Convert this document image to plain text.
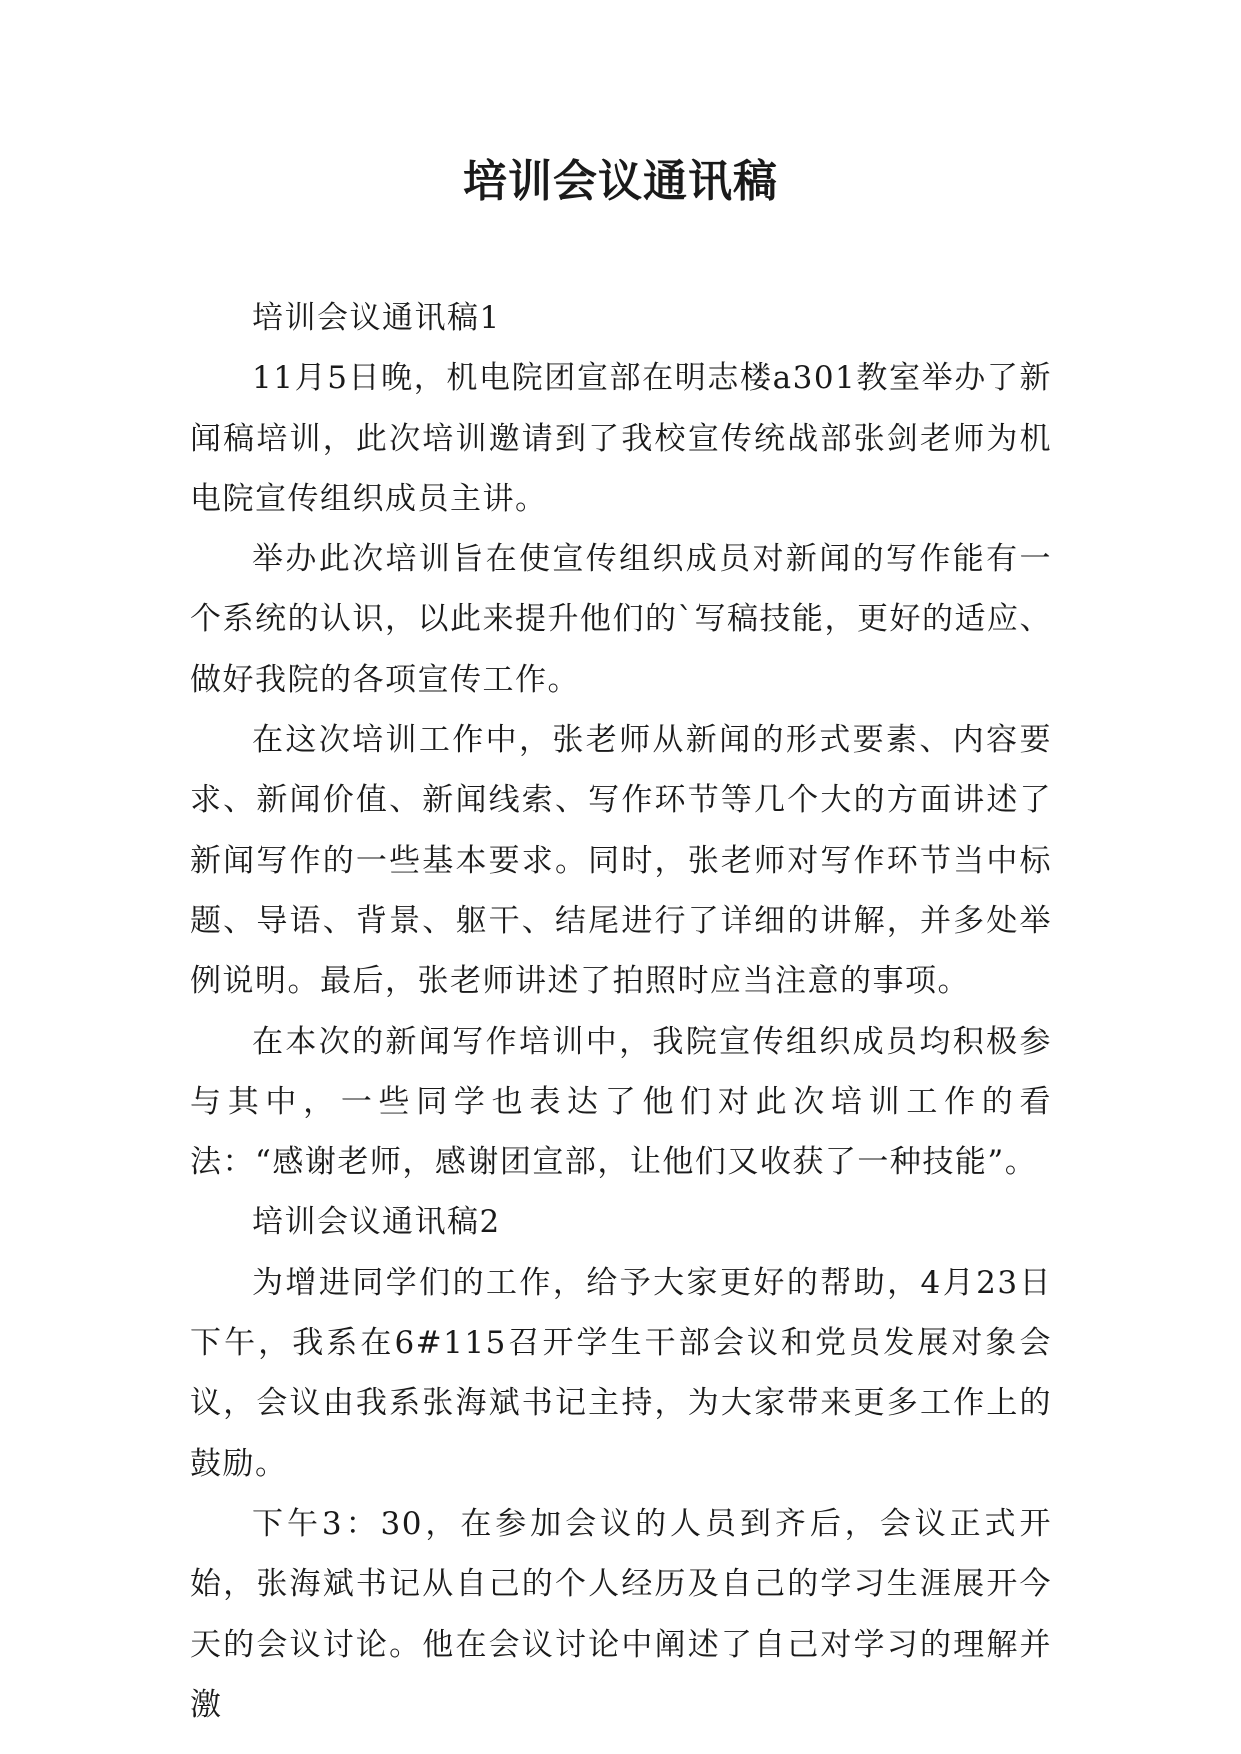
培训会议通讯稿

培训会议通讯稿1

11月5日晚，机电院团宣部在明志楼a301教室举办了新闻稿培训，此次培训邀请到了我校宣传统战部张剑老师为机电院宣传组织成员主讲。

举办此次培训旨在使宣传组织成员对新闻的写作能有一个系统的认识，以此来提升他们的`写稿技能，更好的适应、做好我院的各项宣传工作。

在这次培训工作中，张老师从新闻的形式要素、内容要求、新闻价值、新闻线索、写作环节等几个大的方面讲述了新闻写作的一些基本要求。同时，张老师对写作环节当中标题、导语、背景、躯干、结尾进行了详细的讲解，并多处举例说明。最后，张老师讲述了拍照时应当注意的事项。

在本次的新闻写作培训中，我院宣传组织成员均积极参与其中，一些同学也表达了他们对此次培训工作的看法：“感谢老师，感谢团宣部，让他们又收获了一种技能”。

培训会议通讯稿2

为增进同学们的工作，给予大家更好的帮助，4月23日下午，我系在6#115召开学生干部会议和党员发展对象会议，会议由我系张海斌书记主持，为大家带来更多工作上的鼓励。

下午3：30，在参加会议的人员到齐后，会议正式开始，张海斌书记从自己的个人经历及自己的学习生涯展开今天的会议讨论。他在会议讨论中阐述了自己对学习的理解并激
